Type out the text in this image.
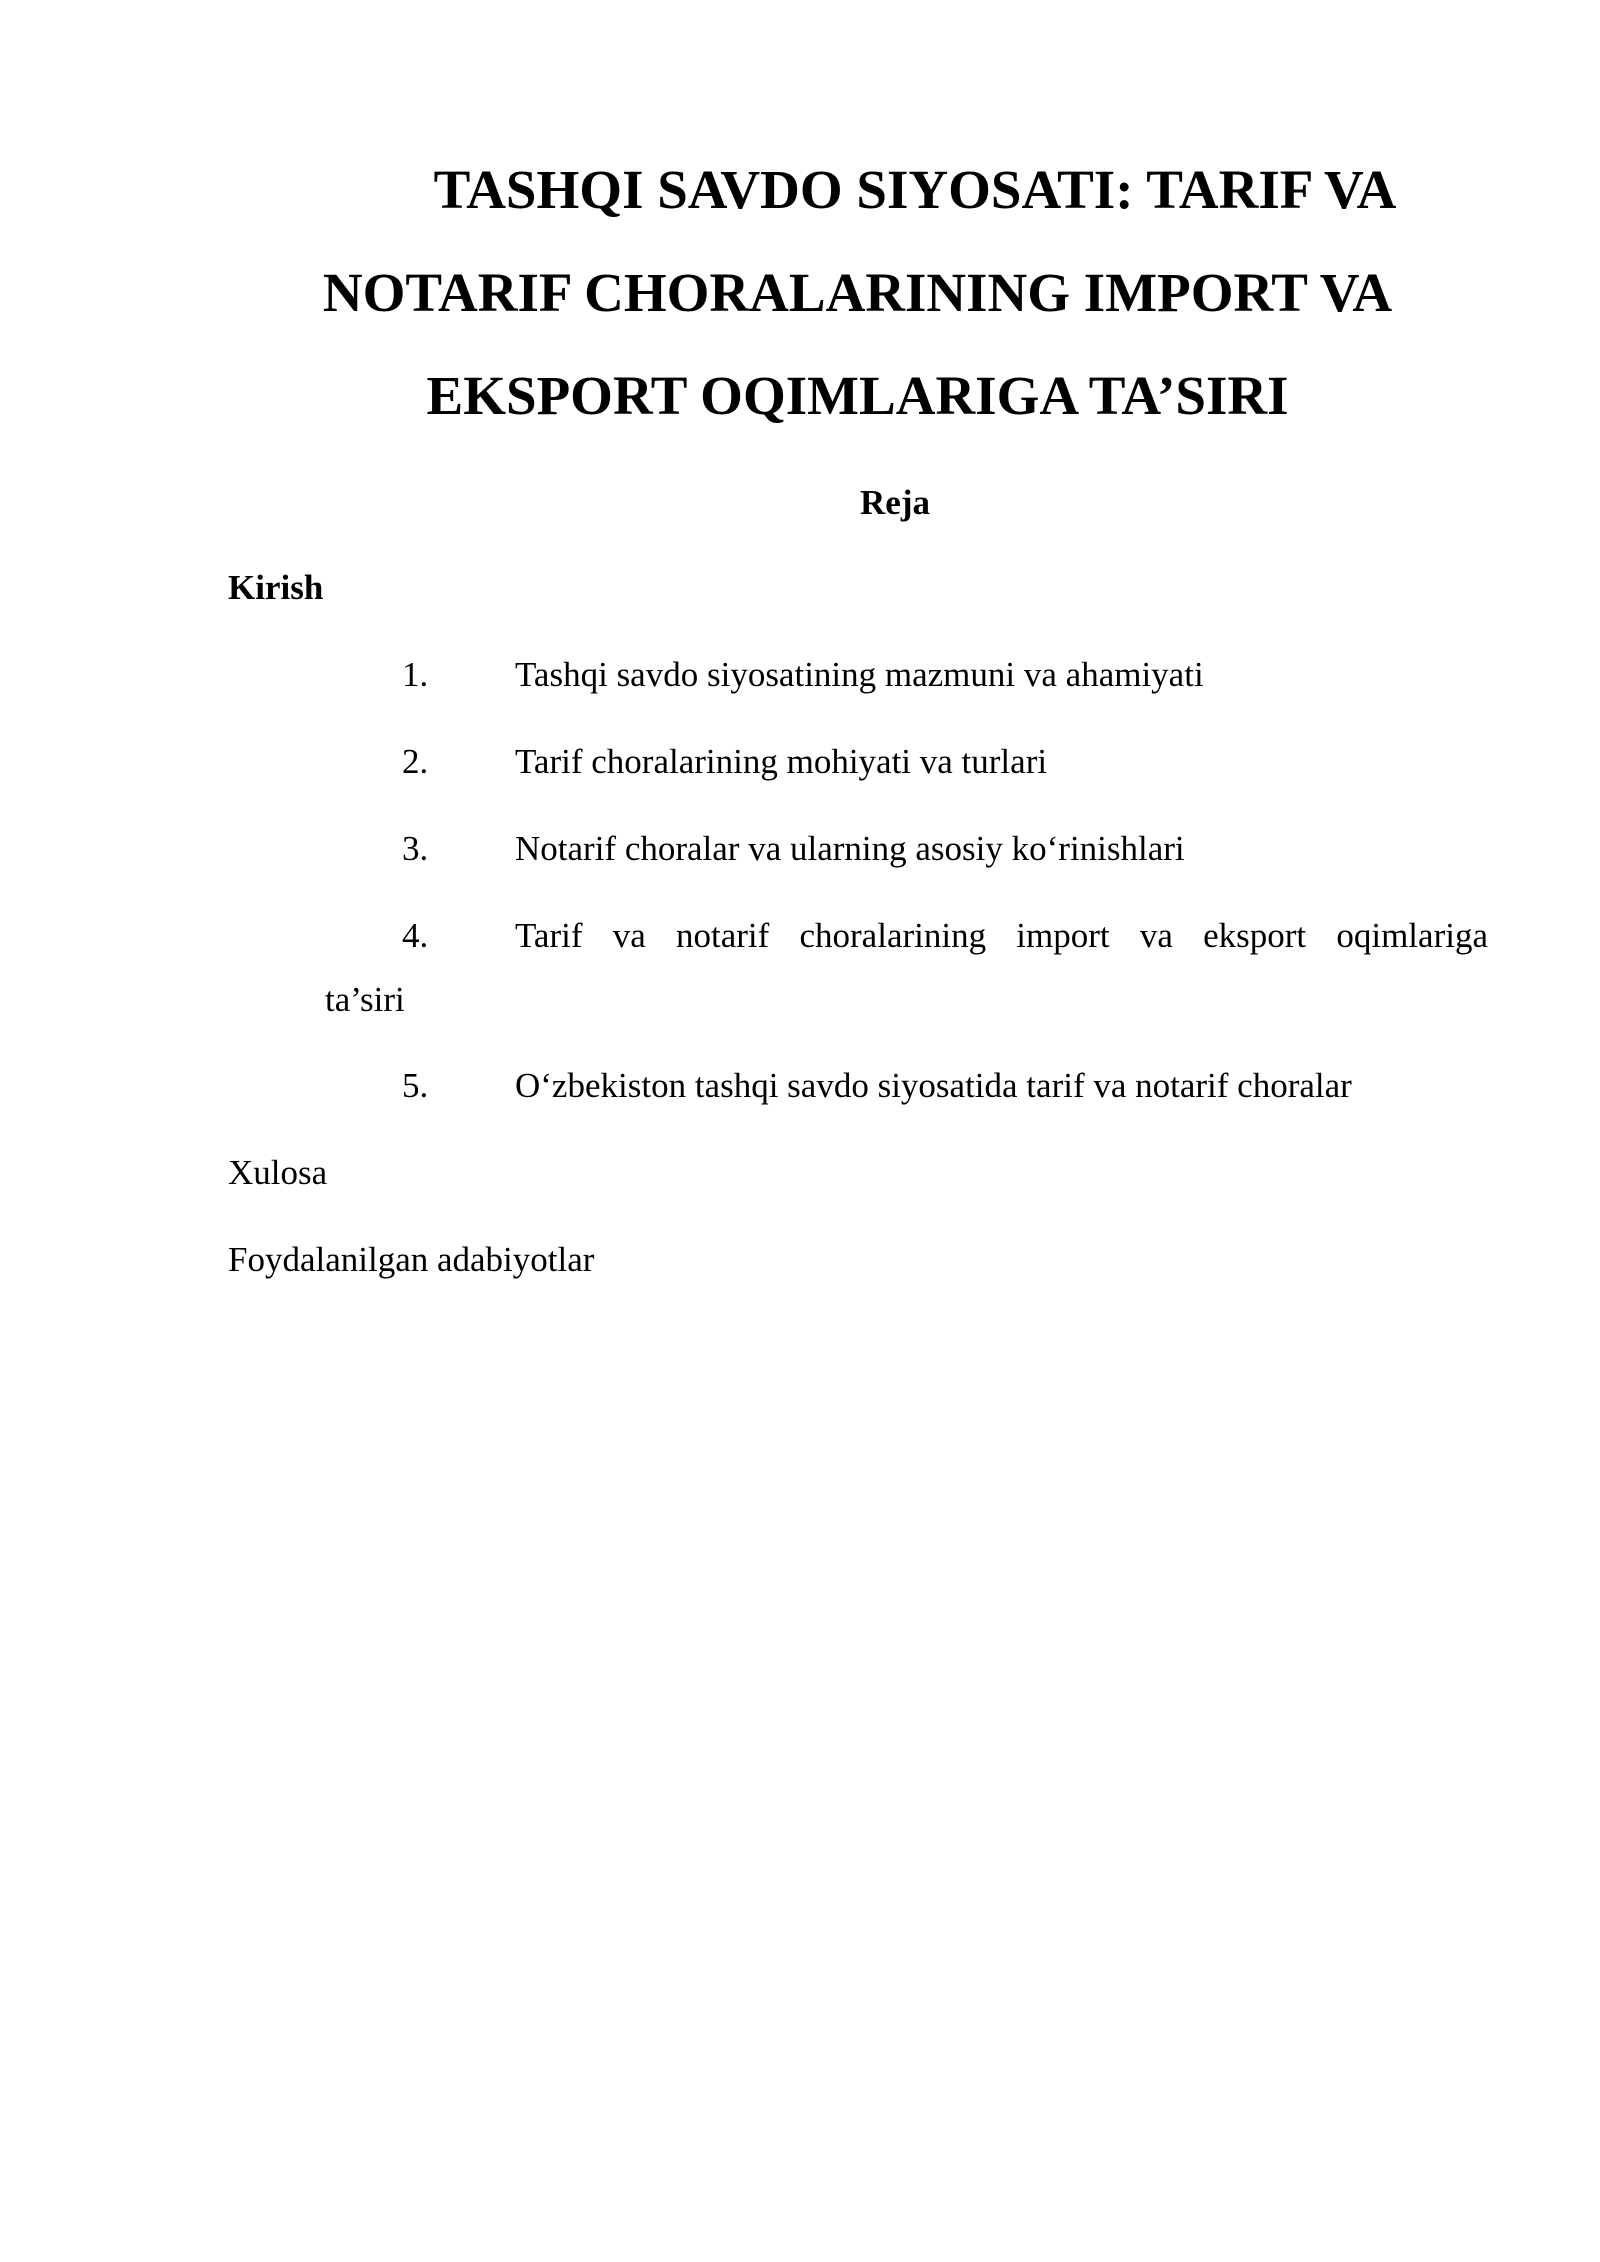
TASHQI SAVDO SIYOSATI: TARIF VA
NOTARIF CHORALARINING IMPORT VA
EKSPORT OQIMLARIGA TA’SIRI
Reja
Kirish
1. Tashqi savdo siyosatining mazmuni va ahamiyati
2. Tarif choralarining mohiyati va turlari
3. Notarif choralar va ularning asosiy ko‘rinishlari
4. Tarif va notarif choralarining import va eksport oqimlariga
ta’siri
5. O‘zbekiston tashqi savdo siyosatida tarif va notarif choralar
Xulosa
Foydalanilgan adabiyotlar
